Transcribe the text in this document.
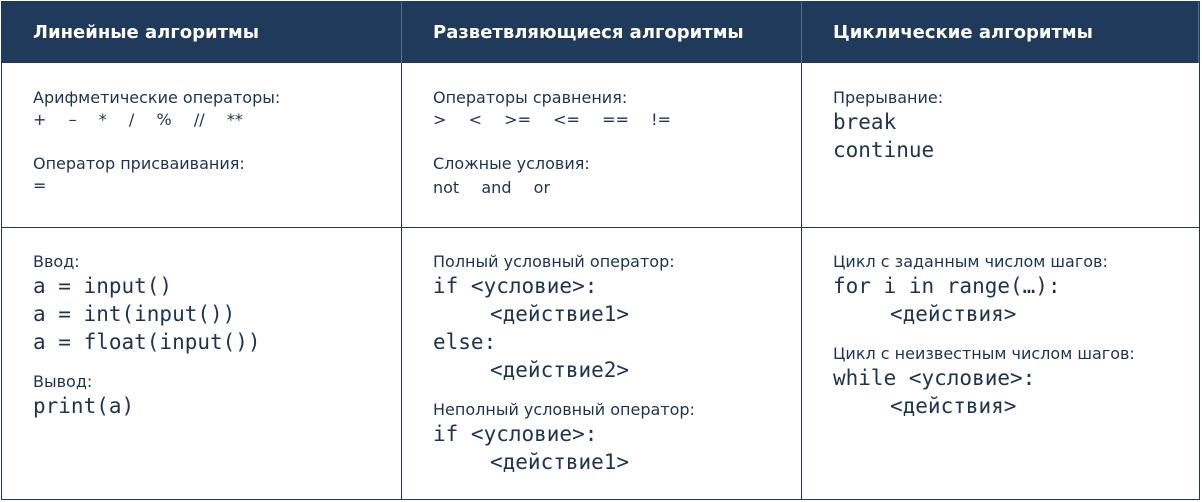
Линейные алгоритмы	Разветвляющиеся алгоритмы	Циклические алгоритмы
Арифметические операторы:
+  –  *  /  %  //  **
Оператор присваивания:
=
Операторы сравнения:
>  <  >=  <=  ==  !=
Сложные условия:
not  and  or
Прерывание:
break
continue
Ввод:
a = input()
a = int(input())
a = float(input())
Вывод:
print(a)
Полный условный оператор:
if <условие>:
<действие1>
else:
<действие2>
Неполный условный оператор:
if <условие>:
<действие1>
Цикл с заданным числом шагов:
for i in range(…):
<действия>
Цикл с неизвестным числом шагов:
while <условие>:
<действия>
